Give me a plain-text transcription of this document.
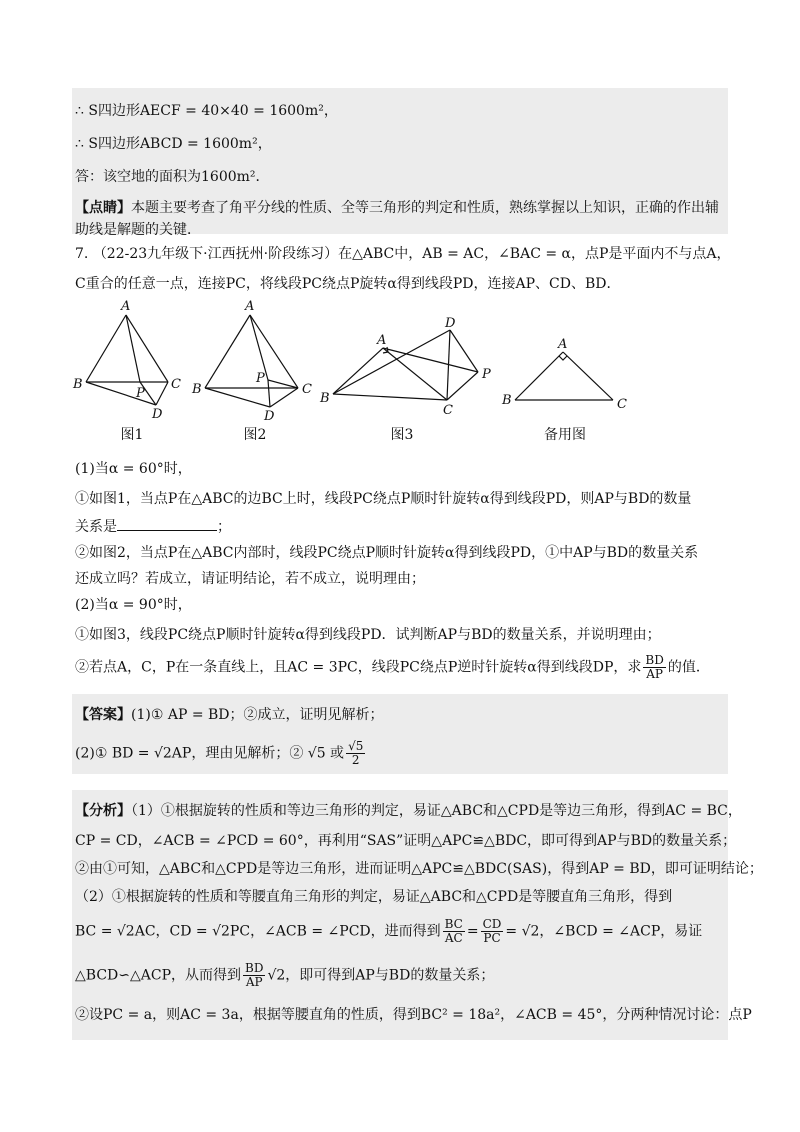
∴ S四边形AECF = 40×40 = 1600m²，
∴ S四边形ABCD = 1600m²，
答：该空地的面积为1600m²．
【点睛】本题主要考查了角平分线的性质、全等三角形的判定和性质，熟练掌握以上知识，正确的作出辅
助线是解题的关键．
7. （22-23九年级下·江西抚州·阶段练习）在△ABC中，AB = AC，∠BAC = α，点P是平面内不与点A，
C重合的任意一点，连接PC，将线段PC绕点P旋转α得到线段PD，连接AP、CD、BD．
A
B	C
P
D
A
B	C
P
D
A
B
C
D
P
A
B	C
图1	图2	图3	备用图
(1)当α = 60°时，
①如图1，当点P在△ABC的边BC上时，线段PC绕点P顺时针旋转α得到线段PD，则AP与BD的数量
关系是	；
②如图2，当点P在△ABC内部时，线段PC绕点P顺时针旋转α得到线段PD，①中AP与BD的数量关系
还成立吗？若成立，请证明结论，若不成立，说明理由；
(2)当α = 90°时，
①如图3，线段PC绕点P顺时针旋转α得到线段PD．试判断AP与BD的数量关系，并说明理由；
②若点A，C，P在一条直线上，且AC = 3PC，线段PC绕点P逆时针旋转α得到线段DP，求 $\frac{BD}{AP}$ 的值．
【答案】(1)① AP = BD；②成立，证明见解析；
(2)① BD = √2AP，理由见解析；② √5 或 $\frac{√5}{2}$
【分析】（1）①根据旋转的性质和等边三角形的判定，易证△ABC和△CPD是等边三角形，得到AC = BC，
CP = CD，∠ACB = ∠PCD = 60°，再利用“SAS”证明△APC≌△BDC，即可得到AP与BD的数量关系；
②由①可知，△ABC和△CPD是等边三角形，进而证明△APC≌△BDC(SAS)，得到AP = BD，即可证明结论；
（2）①根据旋转的性质和等腰直角三角形的判定，易证△ABC和△CPD是等腰直角三角形，得到
BC = √2AC，CD = √2PC，∠ACB = ∠PCD，进而得到 $\frac{BC}{AC} = \frac{CD}{PC} = √2$，∠BCD = ∠ACP，易证
△BCD∽△ACP，从而得到 $\frac{BD}{AP} √2$，即可得到AP与BD的数量关系；
②设PC = a，则AC = 3a，根据等腰直角的性质，得到BC² = 18a²，∠ACB = 45°，分两种情况讨论：点P
